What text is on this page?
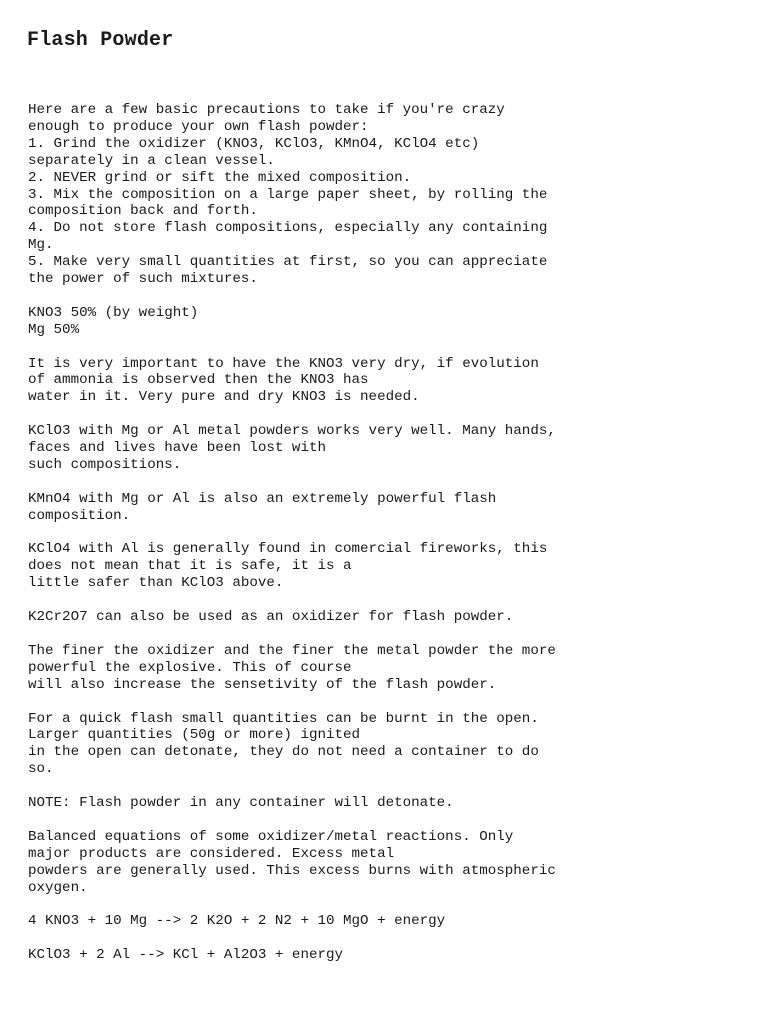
Flash Powder

Here are a few basic precautions to take if you're crazy
enough to produce your own flash powder:
1. Grind the oxidizer (KNO3, KClO3, KMnO4, KClO4 etc)
separately in a clean vessel.
2. NEVER grind or sift the mixed composition.
3. Mix the composition on a large paper sheet, by rolling the
composition back and forth.
4. Do not store flash compositions, especially any containing
Mg.
5. Make very small quantities at first, so you can appreciate
the power of such mixtures.

KNO3 50% (by weight)
Mg 50%

It is very important to have the KNO3 very dry, if evolution
of ammonia is observed then the KNO3 has
water in it. Very pure and dry KNO3 is needed.

KClO3 with Mg or Al metal powders works very well. Many hands,
faces and lives have been lost with
such compositions.

KMnO4 with Mg or Al is also an extremely powerful flash
composition.

KClO4 with Al is generally found in comercial fireworks, this
does not mean that it is safe, it is a
little safer than KClO3 above.

K2Cr2O7 can also be used as an oxidizer for flash powder.

The finer the oxidizer and the finer the metal powder the more
powerful the explosive. This of course
will also increase the sensetivity of the flash powder.

For a quick flash small quantities can be burnt in the open.
Larger quantities (50g or more) ignited
in the open can detonate, they do not need a container to do
so.

NOTE: Flash powder in any container will detonate.

Balanced equations of some oxidizer/metal reactions. Only
major products are considered. Excess metal
powders are generally used. This excess burns with atmospheric
oxygen.

4 KNO3 + 10 Mg --> 2 K2O + 2 N2 + 10 MgO + energy

KClO3 + 2 Al --> KCl + Al2O3 + energy
